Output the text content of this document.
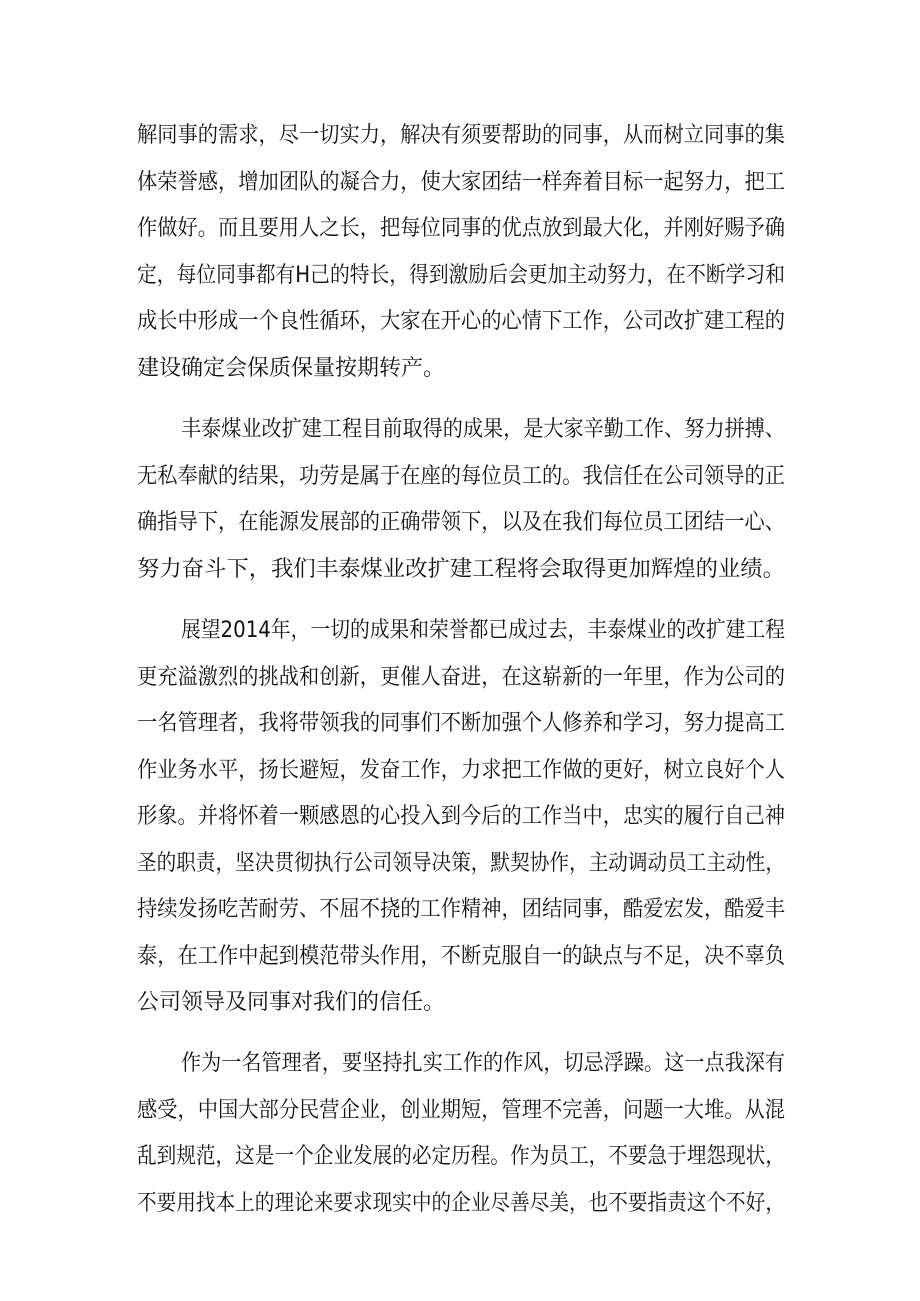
解同事的需求，尽一切实力，解决有须要帮助的同事，从而树立同事的集
体荣誉感，增加团队的凝合力，使大家团结一样奔着目标一起努力，把工
作做好。而且要用人之长，把每位同事的优点放到最大化，并刚好赐予确
定，每位同事都有H己的特长，得到激励后会更加主动努力，在不断学习和
成长中形成一个良性循环，大家在开心的心情下工作，公司改扩建工程的
建设确定会保质保量按期转产。
丰泰煤业改扩建工程目前取得的成果，是大家辛勤工作、努力拼搏、
无私奉献的结果，功劳是属于在座的每位员工的。我信任在公司领导的正
确指导下，在能源发展部的正确带领下，以及在我们每位员工团结一心、
努力奋斗下，我们丰泰煤业改扩建工程将会取得更加辉煌的业绩。
展望2014年，一切的成果和荣誉都已成过去，丰泰煤业的改扩建工程
更充溢激烈的挑战和创新，更催人奋进，在这崭新的一年里，作为公司的
一名管理者，我将带领我的同事们不断加强个人修养和学习，努力提高工
作业务水平，扬长避短，发奋工作，力求把工作做的更好，树立良好个人
形象。并将怀着一颗感恩的心投入到今后的工作当中，忠实的履行自己神
圣的职责，坚决贯彻执行公司领导决策，默契协作，主动调动员工主动性，
持续发扬吃苦耐劳、不屈不挠的工作精神，团结同事，酷爱宏发，酷爱丰
泰，在工作中起到模范带头作用，不断克服自一的缺点与不足，决不辜负
公司领导及同事对我们的信任。
作为一名管理者，要坚持扎实工作的作风，切忌浮躁。这一点我深有
感受，中国大部分民营企业，创业期短，管理不完善，问题一大堆。从混
乱到规范，这是一个企业发展的必定历程。作为员工，不要急于埋怨现状，
不要用找本上的理论来要求现实中的企业尽善尽美，也不要指责这个不好，
